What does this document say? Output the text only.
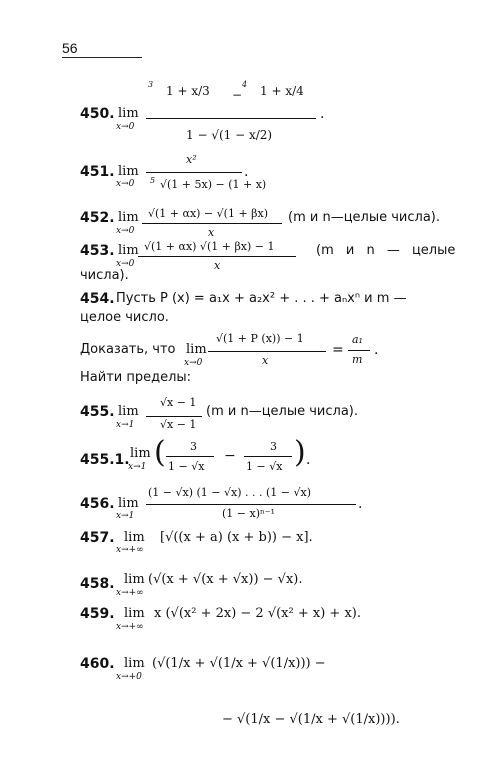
56
450. lim
x→0
3 1 + x/3 −
4 1 + x/4
1 − √(1 − x/2)
.
451. lim
x→0
x²
5 √(1 + 5x) − (1 + x)
.
452. lim
x→0
√(1 + αx) − √(1 + βx)
x
(m и n—целые числа).
453. lim
x→0
√(1 + αx) √(1 + βx) − 1
x
(m и n — целые
числа).
454. Пусть P (x) = a₁x + a₂x² + . . . + aₙxⁿ и m —
целое число.
Доказать, что lim
x→0
√(1 + P (x)) − 1
x
=
a₁
m
.
Найти пределы:
455. lim
x→1
√x − 1
√x − 1
(m и n—целые числа).
455.1. lim
x→1 ( 3
1 − √x
−
3
1 − √x ) .
456. lim
x→1
(1 − √x) (1 − √x) . . . (1 − √x)
(1 − x)ⁿ⁻¹
.
457. lim
x→+∞
[√((x + a) (x + b)) − x].
458. lim
x→+∞
(√(x + √(x + √x)) − √x).
459. lim
x→+∞
x (√(x² + 2x) − 2 √(x² + x) + x).
460. lim
x→+0
(√(1/x + √(1/x + √(1/x))) −
− √(1/x − √(1/x + √(1/x)))).
